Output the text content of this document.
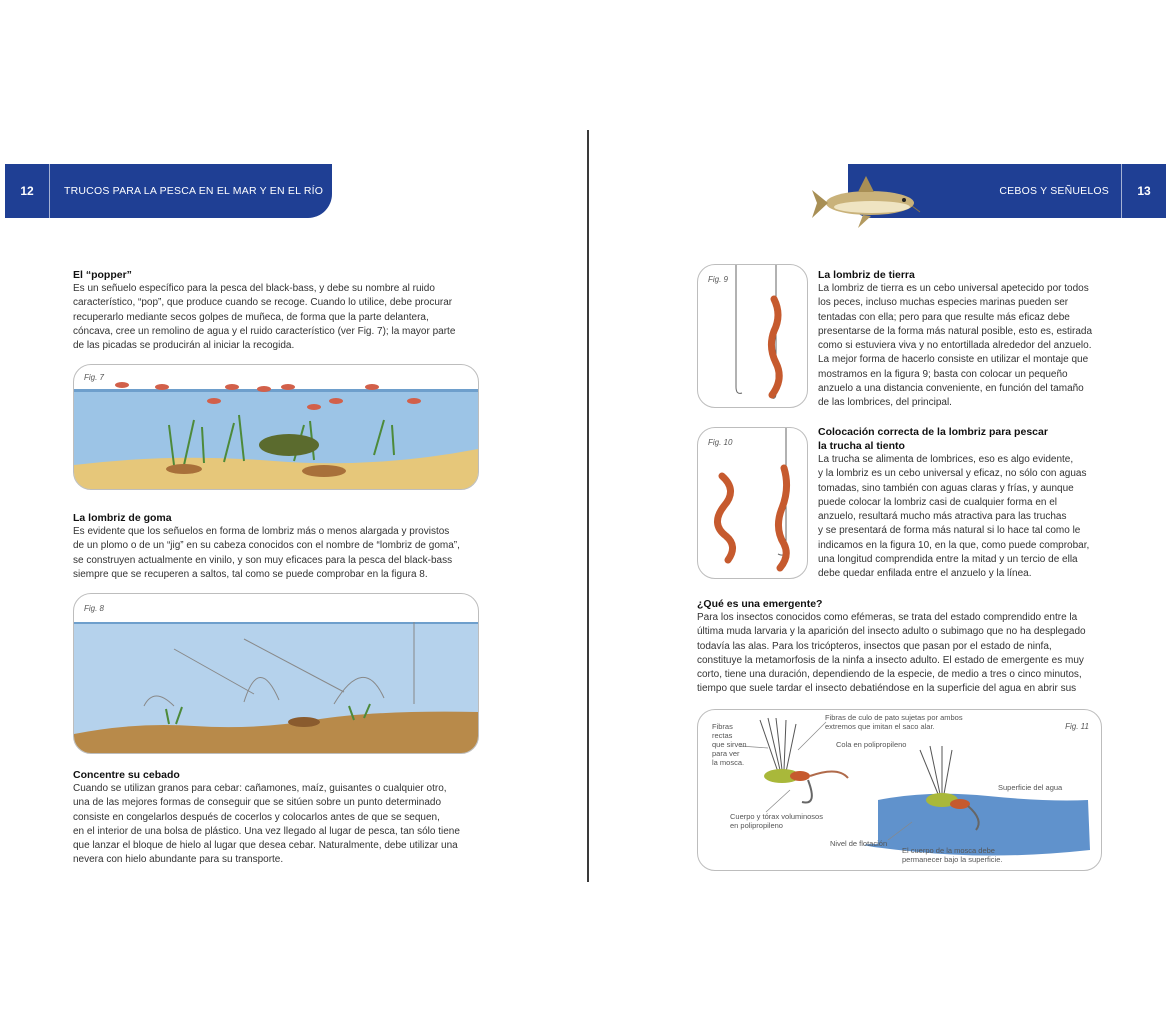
12	TRUCOS PARA LA PESCA EN EL MAR Y EN EL RÍO	CEBOS Y SEÑUELOS	13
El “popper”
Es un señuelo específico para la pesca del black-bass, y debe su nombre al ruido
característico, “pop”, que produce cuando se recoge. Cuando lo utilice, debe procurar
recuperarlo mediante secos golpes de muñeca, de forma que la parte delantera,
cóncava, cree un remolino de agua y el ruido característico (ver Fig. 7); la mayor parte
de las picadas se producirán al iniciar la recogida.
Fig. 7
La lombriz de goma
Es evidente que los señuelos en forma de lombriz más o menos alargada y provistos
de un plomo o de un “jig” en su cabeza conocidos con el nombre de “lombriz de goma”,
se construyen actualmente en vinilo, y son muy eficaces para la pesca del black-bass
siempre que se recuperen a saltos, tal como se puede comprobar en la figura 8.
Fig. 8
Concentre su cebado
Cuando se utilizan granos para cebar: cañamones, maíz, guisantes o cualquier otro,
una de las mejores formas de conseguir que se sitúen sobre un punto determinado
consiste en congelarlos después de cocerlos y colocarlos antes de que se sequen,
en el interior de una bolsa de plástico. Una vez llegado al lugar de pesca, tan sólo tiene
que lanzar el bloque de hielo al lugar que desea cebar. Naturalmente, debe utilizar una
nevera con hielo abundante para su transporte.
Fig. 9	La lombriz de tierra
La lombriz de tierra es un cebo universal apetecido por todos
los peces, incluso muchas especies marinas pueden ser
tentadas con ella; pero para que resulte más eficaz debe
presentarse de la forma más natural posible, esto es, estirada
como si estuviera viva y no entortillada alrededor del anzuelo.
La mejor forma de hacerlo consiste en utilizar el montaje que
mostramos en la figura 9; basta con colocar un pequeño
anzuelo a una distancia conveniente, en función del tamaño
de las lombrices, del principal.
Fig. 10
Colocación correcta de la lombriz para pescar
la trucha al tiento
La trucha se alimenta de lombrices, eso es algo evidente,
y la lombriz es un cebo universal y eficaz, no sólo con aguas
tomadas, sino también con aguas claras y frías, y aunque
puede colocar la lombriz casi de cualquier forma en el
anzuelo, resultará mucho más atractiva para las truchas
y se presentará de forma más natural si lo hace tal como le
indicamos en la figura 10, en la que, como puede comprobar,
una longitud comprendida entre la mitad y un tercio de ella
debe quedar enfilada entre el anzuelo y la línea.
¿Qué es una emergente?
Para los insectos conocidos como efémeras, se trata del estado comprendido entre la
última muda larvaria y la aparición del insecto adulto o subimago que no ha desplegado
todavía las alas. Para los tricópteros, insectos que pasan por el estado de ninfa,
constituye la metamorfosis de la ninfa a insecto adulto. El estado de emergente es muy
corto, tiene una duración, dependiendo de la especie, de medio a tres o cinco minutos,
tiempo que suele tardar el insecto debatiéndose en la superficie del agua en abrir sus
Fig. 11
Fibras
rectas
que sirven
para ver
la mosca.
Fibras de culo de pato sujetas por ambos
extremos que imitan el saco alar.
Cola en polipropileno
Superficie del agua
Cuerpo y tórax voluminosos
en polipropileno
Nivel de flotación
El cuerpo de la mosca debe
permanecer bajo la superficie.
